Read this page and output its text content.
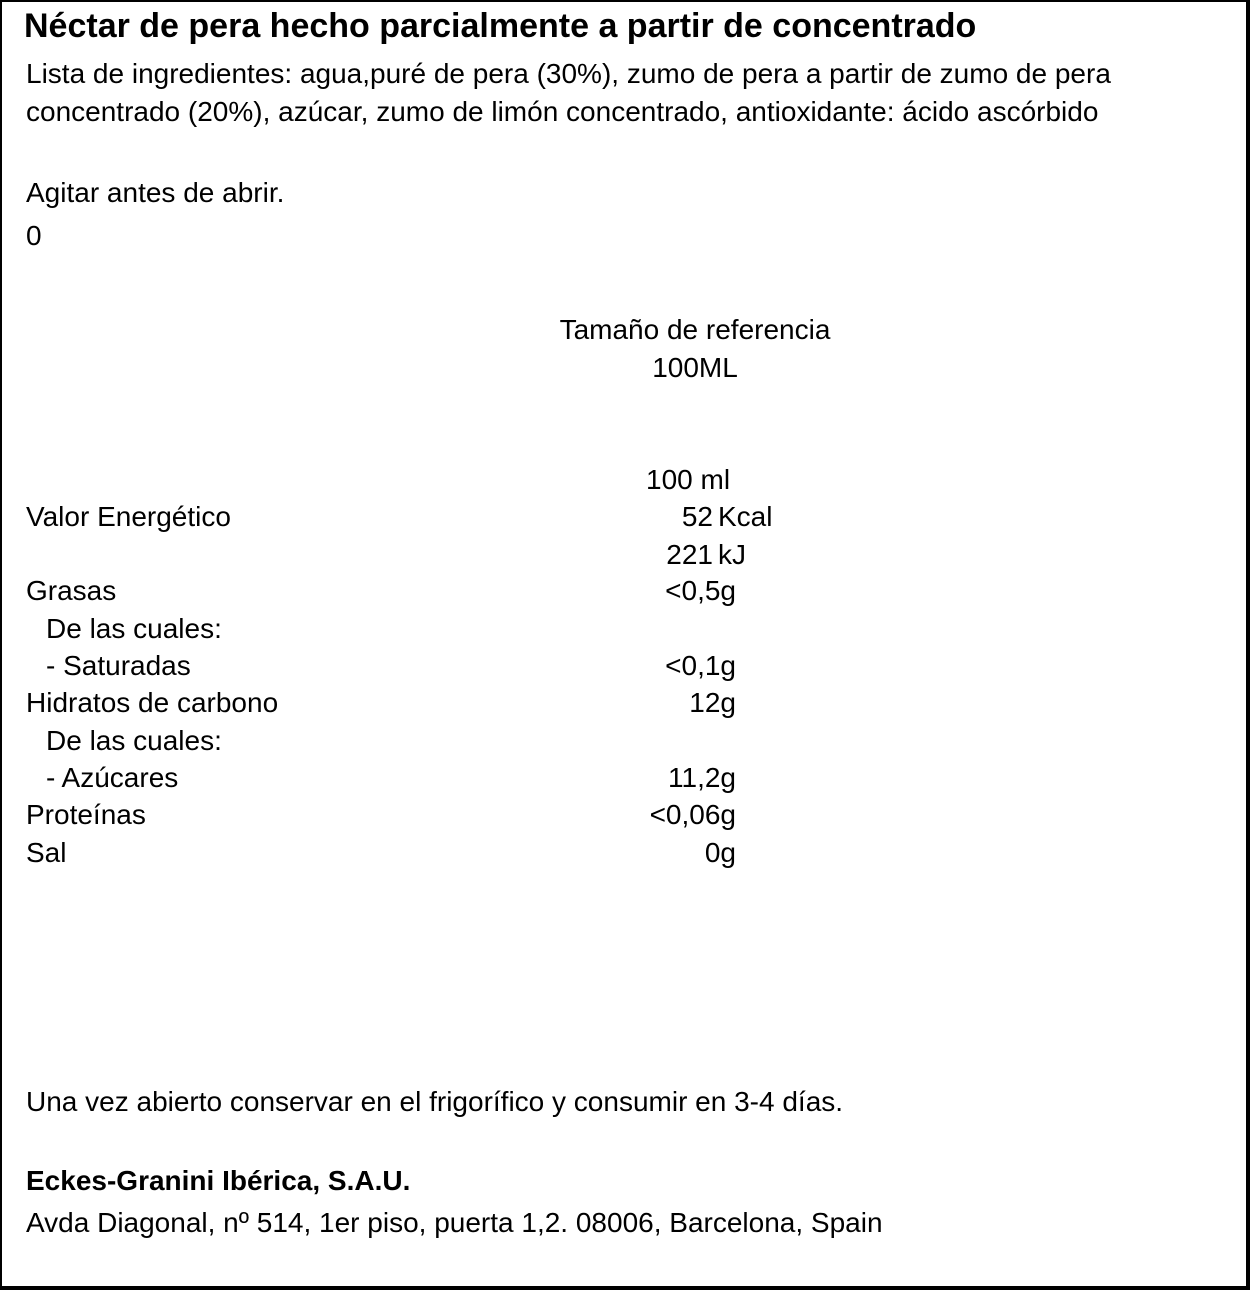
Néctar de pera hecho parcialmente a partir de concentrado
Lista de ingredientes: agua,puré de pera (30%), zumo de pera a partir de zumo de pera concentrado (20%), azúcar, zumo de limón concentrado, antioxidante: ácido ascórbido
Agitar antes de abrir.
0
Tamaño de referencia
100ML
100 ml
Valor Energético	52 Kcal
221 kJ
Grasas	<0,5g
De las cuales:
- Saturadas	<0,1g
Hidratos de carbono	12g
De las cuales:
- Azúcares	11,2g
Proteínas	<0,06g
Sal	0g
Una vez abierto conservar en el frigorífico y consumir en 3-4 días.
Eckes-Granini Ibérica, S.A.U.
Avda Diagonal, nº 514, 1er piso, puerta 1,2. 08006, Barcelona, Spain
